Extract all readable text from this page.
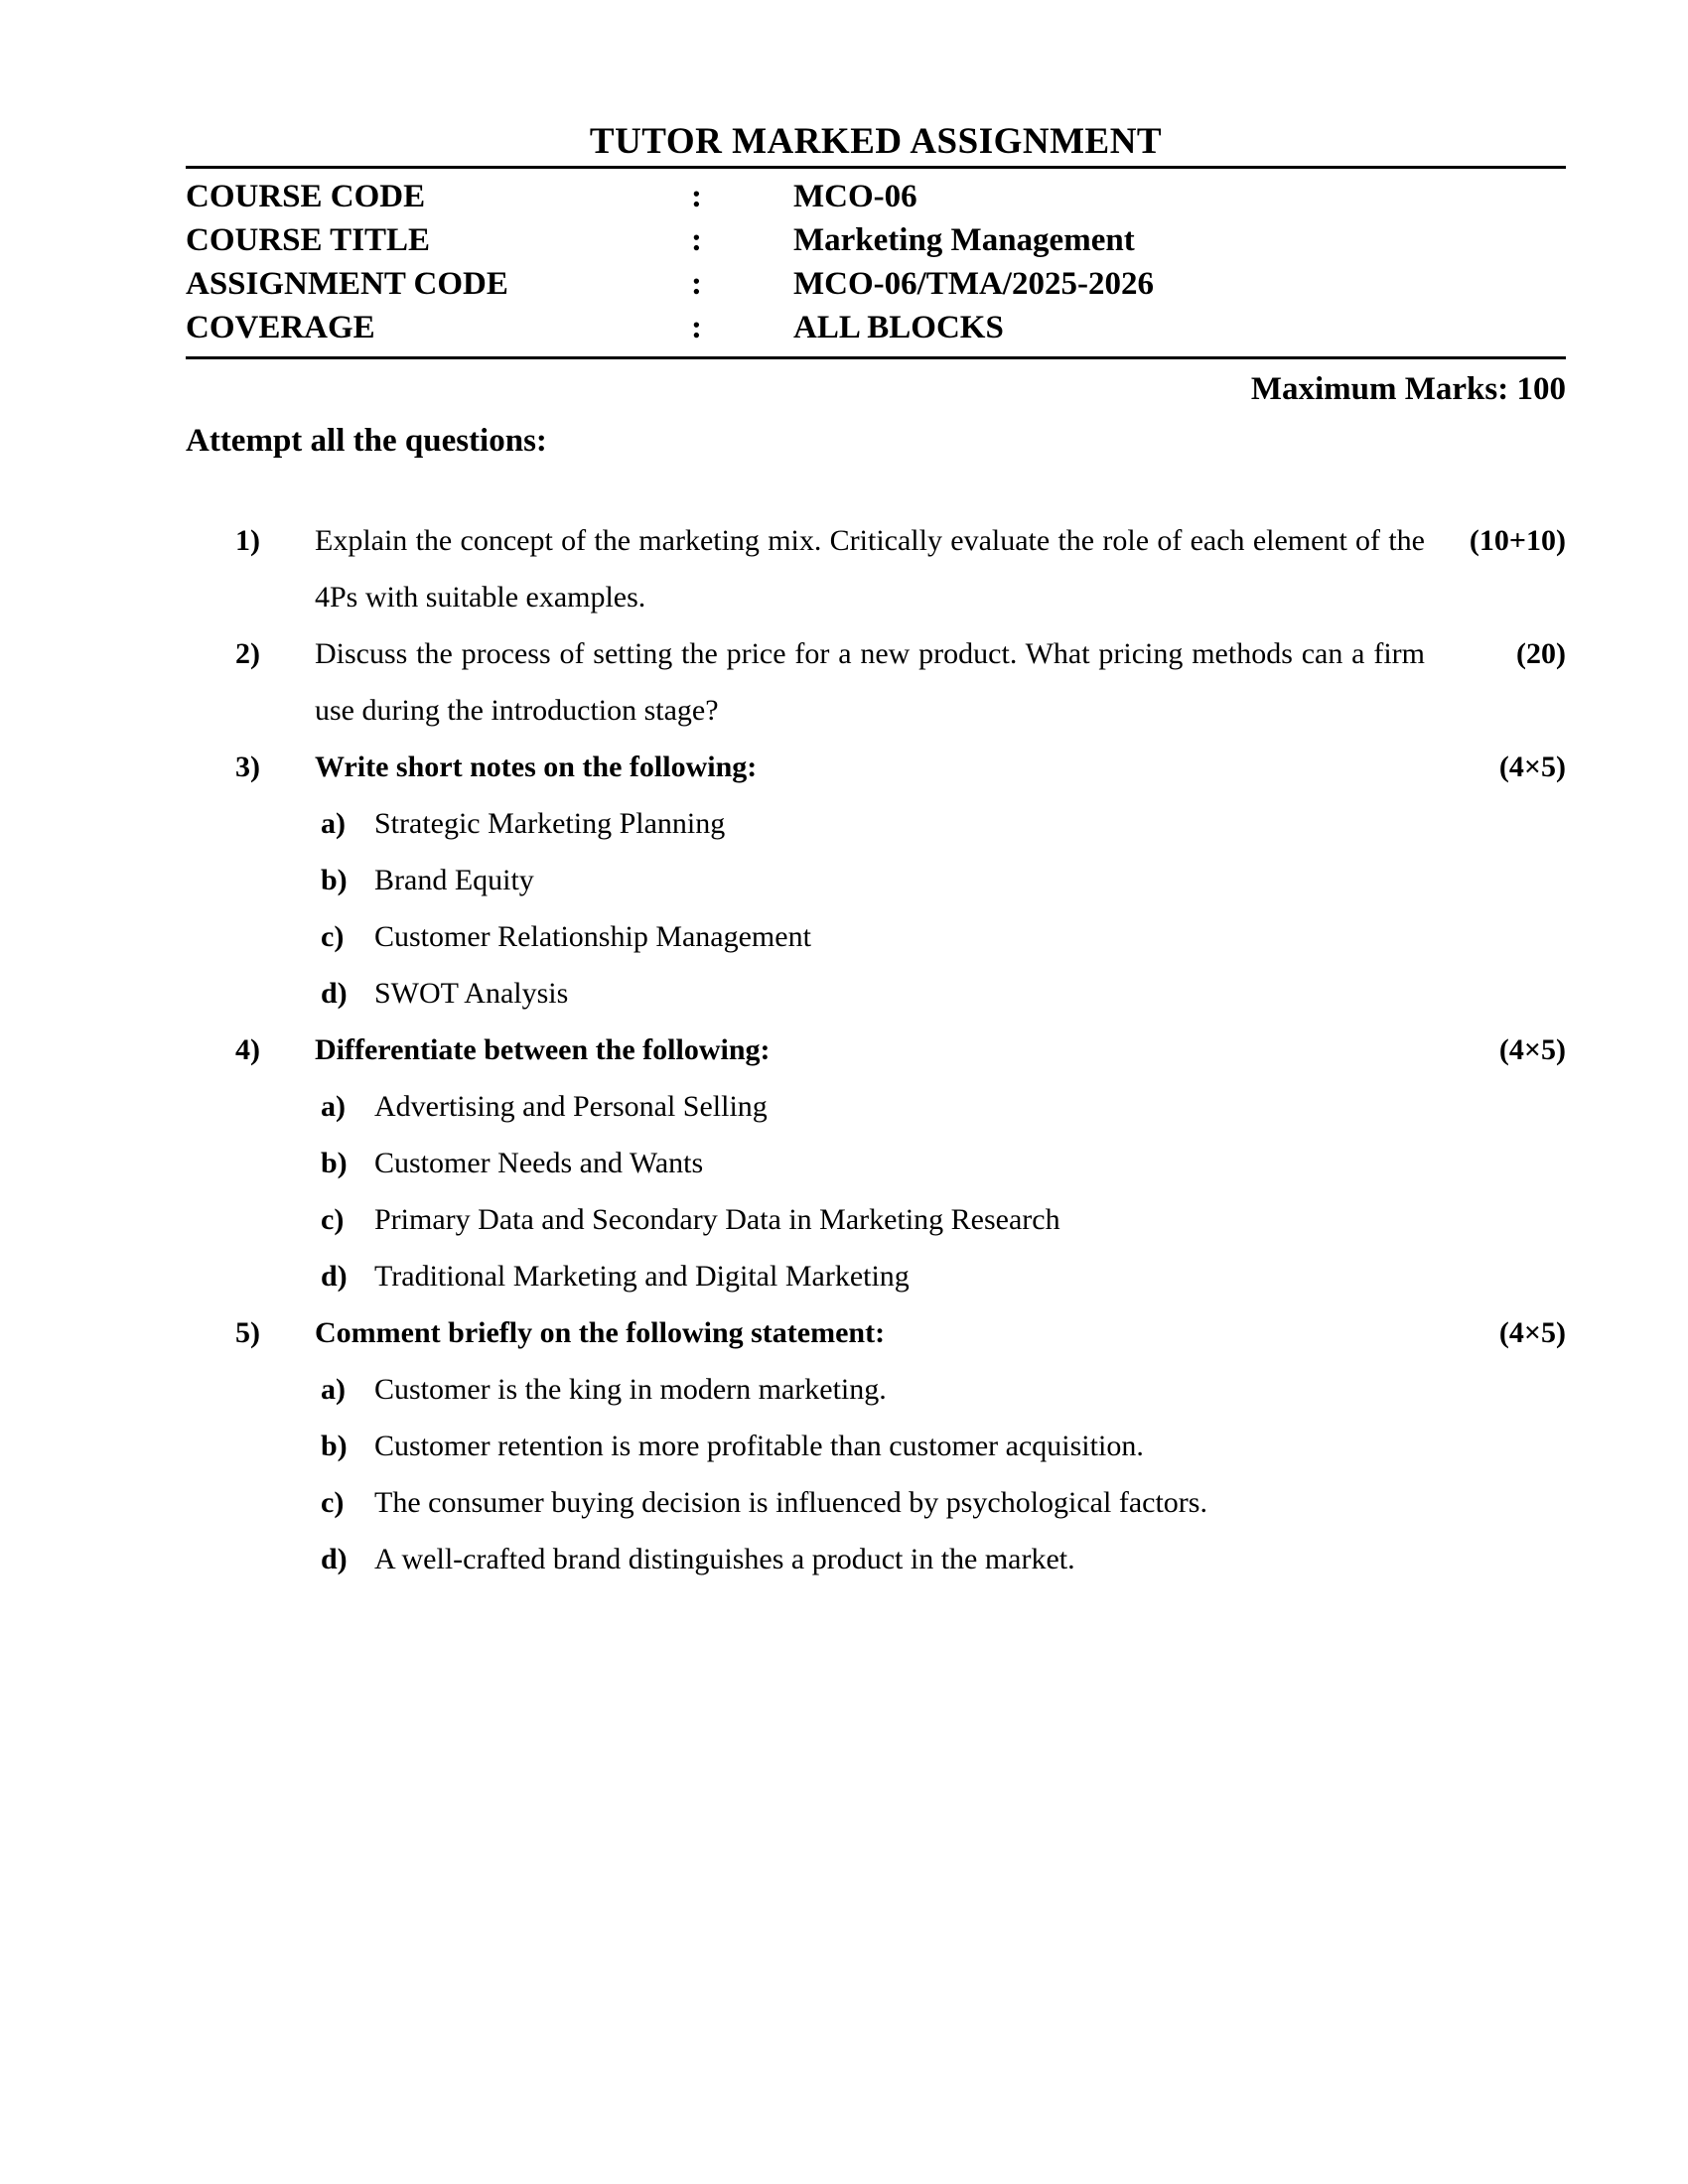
TUTOR MARKED ASSIGNMENT
COURSE CODE	:	MCO-06
COURSE TITLE	:	Marketing Management
ASSIGNMENT CODE	:	MCO-06/TMA/2025-2026
COVERAGE	:	ALL BLOCKS
Maximum Marks: 100
Attempt all the questions:
1)	Explain the concept of the marketing mix. Critically evaluate the role of each element of the 4Ps with suitable examples.
(10+10)
2)	Discuss the process of setting the price for a new product. What pricing methods can a firm use during the introduction stage?
(20)
3)	Write short notes on the following:	(4×5)
a) Strategic Marketing Planning
b) Brand Equity
c)	Customer Relationship Management
d) SWOT Analysis
4)	Differentiate between the following:	(4×5)
a) Advertising and Personal Selling
b) Customer Needs and Wants
c)	Primary Data and Secondary Data in Marketing Research
d) Traditional Marketing and Digital Marketing
5)	Comment briefly on the following statement:	(4×5)
a) Customer is the king in modern marketing.
b) Customer retention is more profitable than customer acquisition.
c)	The consumer buying decision is influenced by psychological factors.
d) A well-crafted brand distinguishes a product in the market.
